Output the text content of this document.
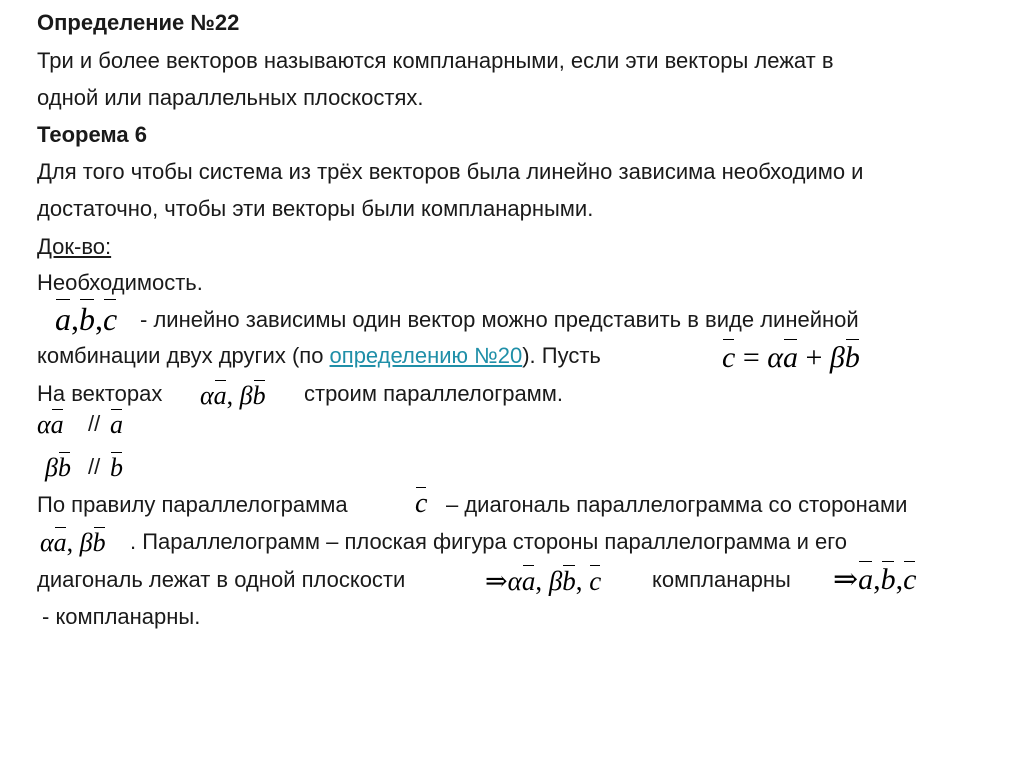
Определение №22
Три и более векторов называются компланарными, если эти векторы лежат в
одной или параллельных плоскостях.
Теорема 6
Для того чтобы система из трёх векторов была линейно зависима необходимо и
достаточно, чтобы эти векторы были компланарными.
Док-во:
Необходимость.
a,b,c - линейно зависимы один вектор можно представить в виде линейной
комбинации двух других (по определению №20). Пусть	c = αa + βb
На векторах αa, βb строим параллелограмм.
αa // a
βb // b
По правилу параллелограмма c – диагональ параллелограмма со сторонами
αa, βb . Параллелограмм – плоская фигура стороны параллелограмма и его
диагональ лежат в одной плоскости	⇒αa, βb, c компланарны ⇒a,b,c
- компланарны.
